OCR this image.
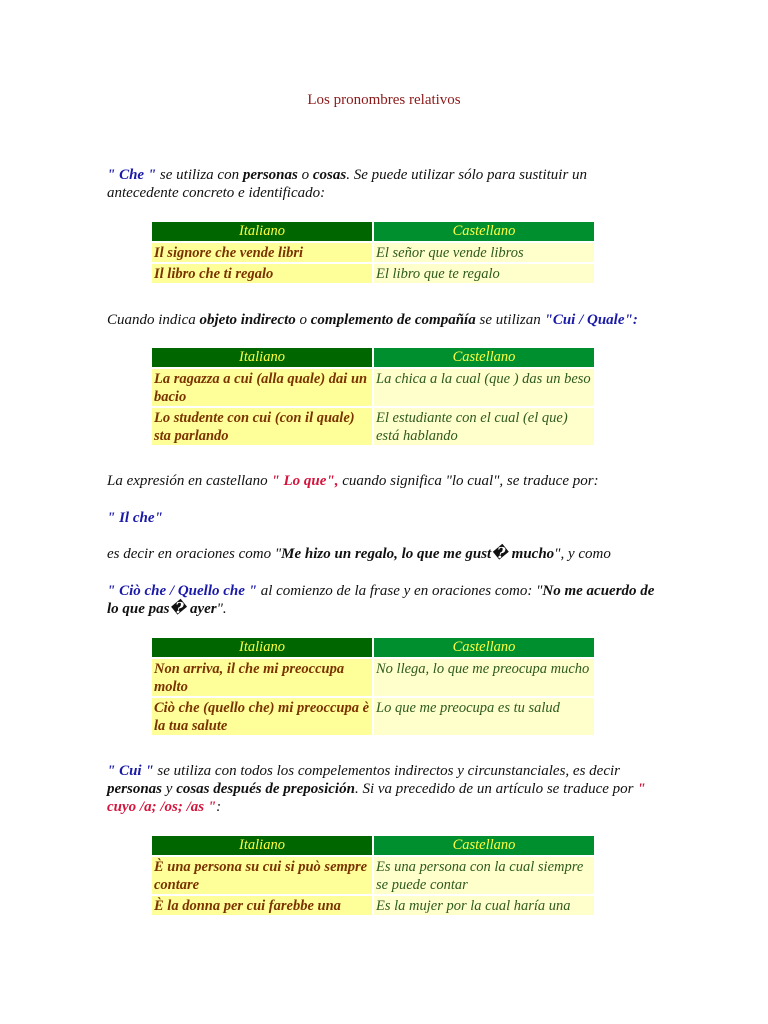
Los pronombres relativos
" Che " se utiliza con personas o cosas. Se puede utilizar sólo para sustituir un antecedente concreto e identificado:
Italiano	Castellano
Il signore che vende libri	El señor que vende libros
Il libro che ti regalo	El libro que te regalo
Cuando indica objeto indirecto o complemento de compañía se utilizan "Cui / Quale":
Italiano	Castellano
La ragazza a cui (alla quale) dai un bacio	La chica a la cual (que ) das un beso
Lo studente con cui (con il quale) sta parlando	El estudiante con el cual (el que) está hablando
La expresión en castellano " Lo que", cuando significa "lo cual", se traduce por:
" Il che"
es decir en oraciones como "Me hizo un regalo, lo que me gust� mucho", y como
" Ciò che / Quello che " al comienzo de la frase y en oraciones como: "No me acuerdo de lo que pas� ayer".
Italiano	Castellano
Non arriva, il che mi preoccupa molto	No llega, lo que me preocupa mucho
Ciò che (quello che) mi preoccupa è la tua salute	Lo que me preocupa es tu salud
" Cui " se utiliza con todos los compelementos indirectos y circunstanciales, es decir personas y cosas después de preposición. Si va precedido de un artículo se traduce por " cuyo /a; /os; /as ":
Italiano	Castellano
È una persona su cui si può sempre contare	Es una persona con la cual siempre se puede contar
È la donna per cui farebbe una	Es la mujer por la cual haría una
